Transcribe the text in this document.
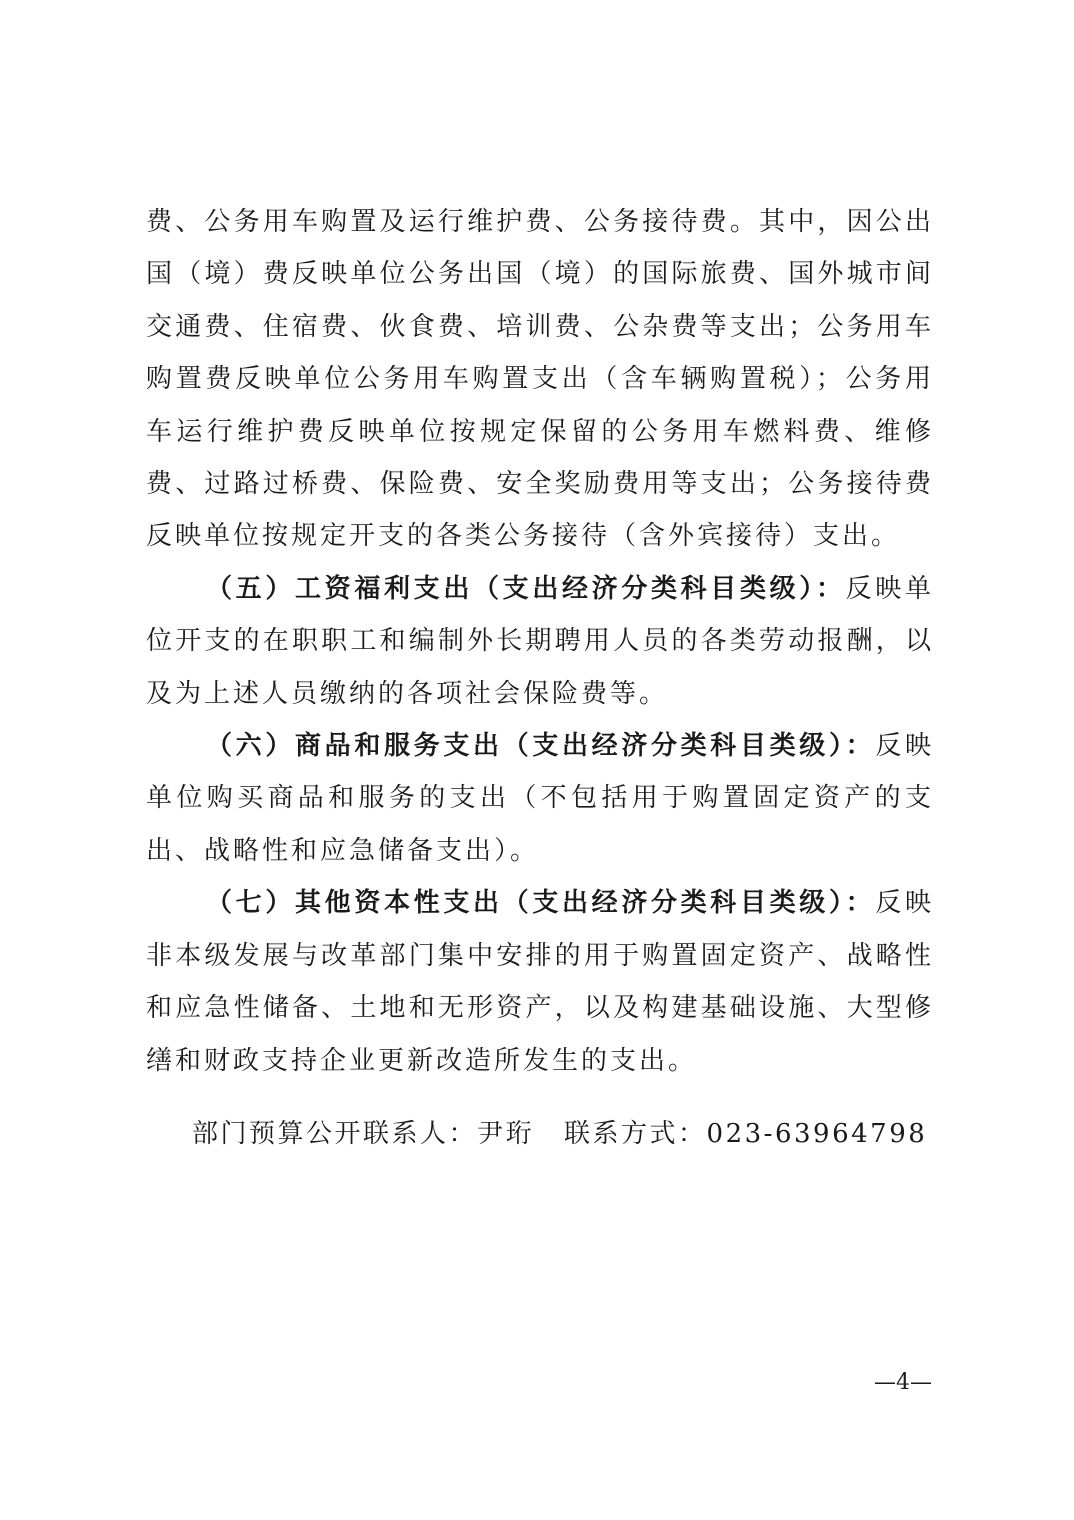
费、公务用车购置及运行维护费、公务接待费。其中，因公出国（境）费反映单位公务出国（境）的国际旅费、国外城市间交通费、住宿费、伙食费、培训费、公杂费等支出；公务用车购置费反映单位公务用车购置支出（含车辆购置税）；公务用车运行维护费反映单位按规定保留的公务用车燃料费、维修费、过路过桥费、保险费、安全奖励费用等支出；公务接待费反映单位按规定开支的各类公务接待（含外宾接待）支出。

（五）工资福利支出（支出经济分类科目类级）：反映单位开支的在职职工和编制外长期聘用人员的各类劳动报酬，以及为上述人员缴纳的各项社会保险费等。

（六）商品和服务支出（支出经济分类科目类级）：反映单位购买商品和服务的支出（不包括用于购置固定资产的支出、战略性和应急储备支出）。

（七）其他资本性支出（支出经济分类科目类级）：反映非本级发展与改革部门集中安排的用于购置固定资产、战略性和应急性储备、土地和无形资产，以及构建基础设施、大型修缮和财政支持企业更新改造所发生的支出。

部门预算公开联系人：尹珩 联系方式：023-63964798
—4—
